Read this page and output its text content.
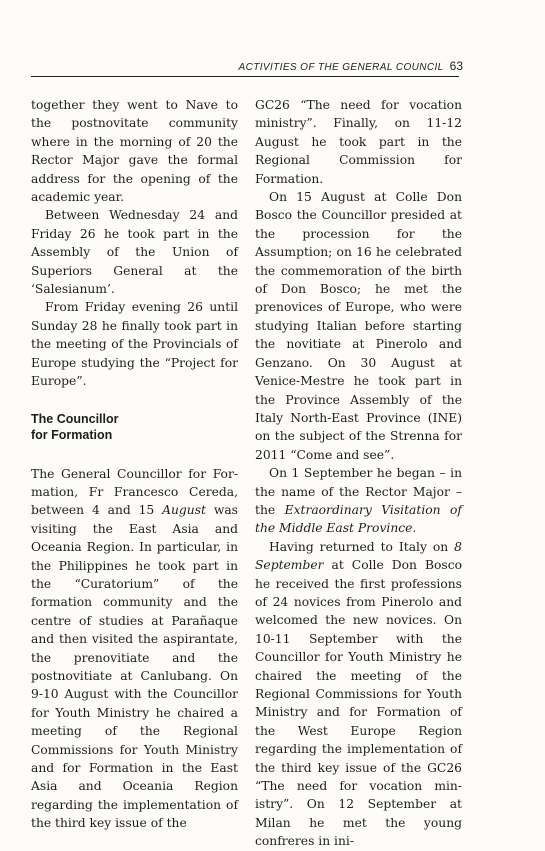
ACTIVITIES OF THE GENERAL COUNCIL 63

together they went to Nave to the postnovitate community where in the morning of 20 the Rector Major gave the formal address for the opening of the academic year.

Between Wednesday 24 and Friday 26 he took part in the Assembly of the Union of Superiors General at the ‘Salesianum’.

From Friday evening 26 until Sunday 28 he finally took part in the meeting of the Provincials of Europe studying the “Project for Europe”.

The Councillor
for Formation

The General Councillor for Formation, Fr Francesco Cereda, between 4 and 15 August was visiting the East Asia and Oceania Region. In particular, in the Philippines he took part in the “Curatorium” of the formation community and the centre of studies at Parañaque and then visited the aspirantate, the prenovitiate and the postnovitiate at Canlubang. On 9-10 August with the Councillor for Youth Ministry he chaired a meeting of the Regional Commissions for Youth Ministry and for Formation in the East Asia and Oceania Region regarding the implementation of the third key issue of the

GC26 “The need for vocation ministry”. Finally, on 11-12 August he took part in the Regional Commission for Formation.

On 15 August at Colle Don Bosco the Councillor presided at the procession for the Assumption; on 16 he celebrated the commemoration of the birth of Don Bosco; he met the prenovices of Europe, who were studying Italian before starting the novitiate at Pinerolo and Genzano. On 30 August at Venice-Mestre he took part in the Province Assembly of the Italy North-East Province (INE) on the subject of the Strenna for 2011 “Come and see”.

On 1 September he began – in the name of the Rector Major – the Extraordinary Visitation of the Middle East Province.

Having returned to Italy on 8 September at Colle Don Bosco he received the first professions of 24 novices from Pinerolo and welcomed the new novices. On 10-11 September with the Councillor for Youth Ministry he chaired the meeting of the Regional Commissions for Youth Ministry and for Formation of the West Europe Region regarding the implementation of the third key issue of the GC26 “The need for vocation ministry”. On 12 September at Milan he met the young confreres in ini-
